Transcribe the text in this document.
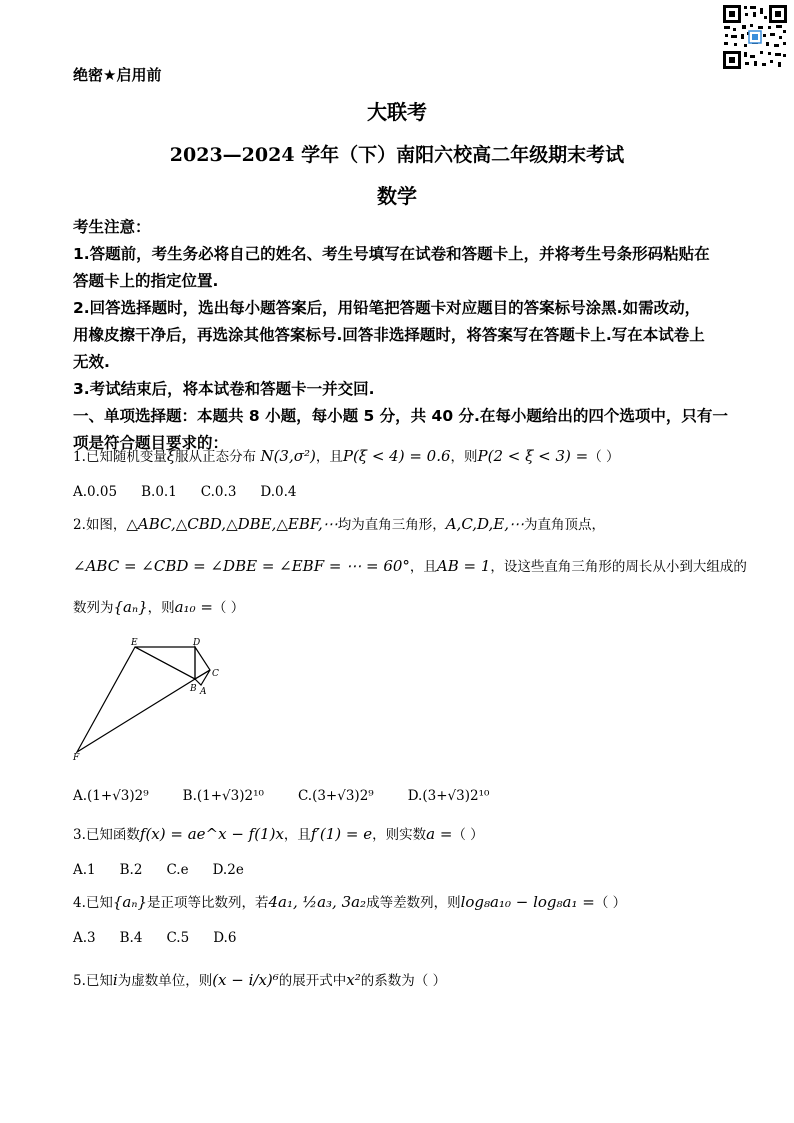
绝密★启用前
大联考
2023—2024 学年（下）南阳六校高二年级期末考试
数学
考生注意：
1.答题前，考生务必将自己的姓名、考生号填写在试卷和答题卡上，并将考生号条形码粘贴在
答题卡上的指定位置.
2.回答选择题时，选出每小题答案后，用铅笔把答题卡对应题目的答案标号涂黑.如需改动，
用橡皮擦干净后，再选涂其他答案标号.回答非选择题时，将答案写在答题卡上.写在本试卷上
无效.
3.考试结束后，将本试卷和答题卡一并交回.
一、单项选择题：本题共 8 小题，每小题 5 分，共 40 分.在每小题给出的四个选项中，只有一
项是符合题目要求的：
1.已知随机变量ξ服从正态分布 N(3,σ²)，且P(ξ < 4) = 0.6，则P(2 < ξ < 3) =（ ）
A.0.05 B.0.1 C.0.3 D.0.4
2.如图，△ABC,△CBD,△DBE,△EBF,⋯均为直角三角形，A,C,D,E,⋯为直角顶点，
∠ABC = ∠CBD = ∠DBE = ∠EBF = ⋯ = 60°，且AB = 1，设这些直角三角形的周长从小到大组成的
数列为{aₙ}，则a₁₀ =（ ）
E	D
C
B A
F
A.(1+√3)2⁹	B.(1+√3)2¹⁰	C.(3+√3)2⁹	D.(3+√3)2¹⁰
3.已知函数f(x) = ae^x − f(1)x，且f′(1) = e，则实数a =（ ）
A.1 B.2 C.e D.2e
4.已知{aₙ}是正项等比数列，若4a₁, ½a₃, 3a₂成等差数列，则log₈a₁₀ − log₈a₁ =（ ）
A.3 B.4 C.5 D.6
5.已知i为虚数单位，则(x − i/x)⁶的展开式中x²的系数为（ ）
